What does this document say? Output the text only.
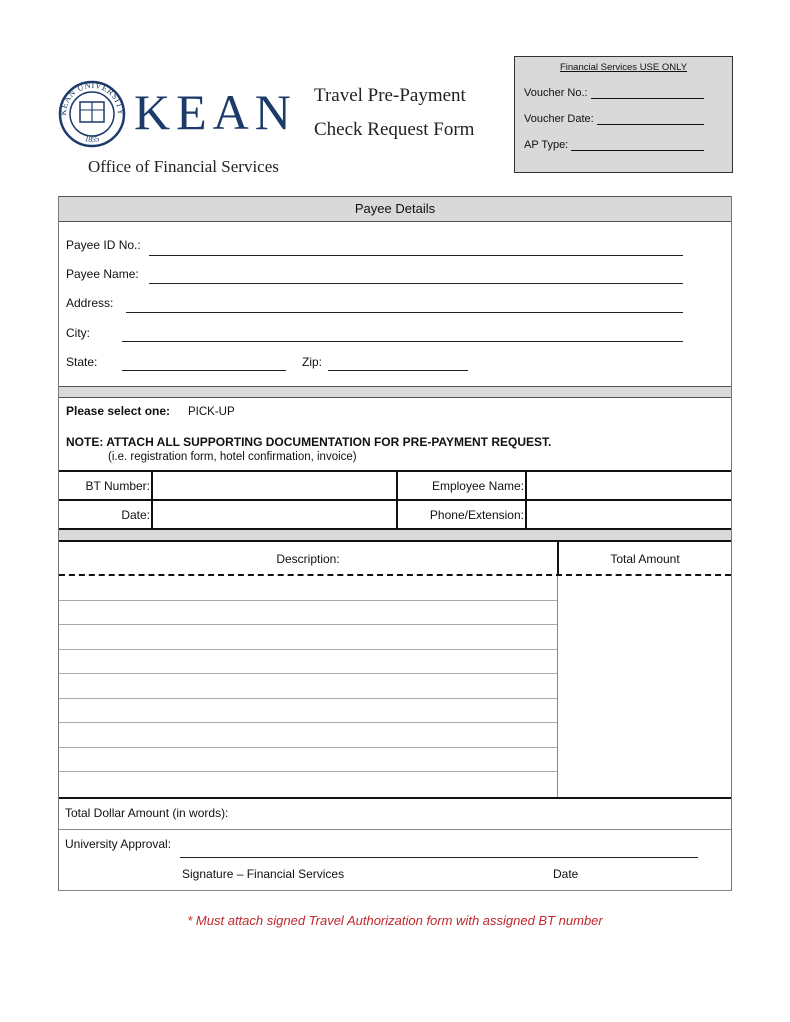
KEAN UNIVERSITY
1855 KEAN
Office of Financial Services
Travel Pre-Payment
Check Request Form
Financial Services USE ONLY
Voucher No.:
Voucher Date:
AP Type:
Payee Details
Payee ID No.:
Payee Name:
Address:
City:
State:	Zip:
Please select one: PICK-UP
NOTE: ATTACH ALL SUPPORTING DOCUMENTATION FOR PRE-PAYMENT REQUEST.
(i.e. registration form, hotel confirmation, invoice)
BT Number:	Employee Name:
Date:	Phone/Extension:
Description:	Total Amount
Total Dollar Amount (in words):
University Approval:
Signature – Financial Services	Date
* Must attach signed Travel Authorization form with assigned BT number
